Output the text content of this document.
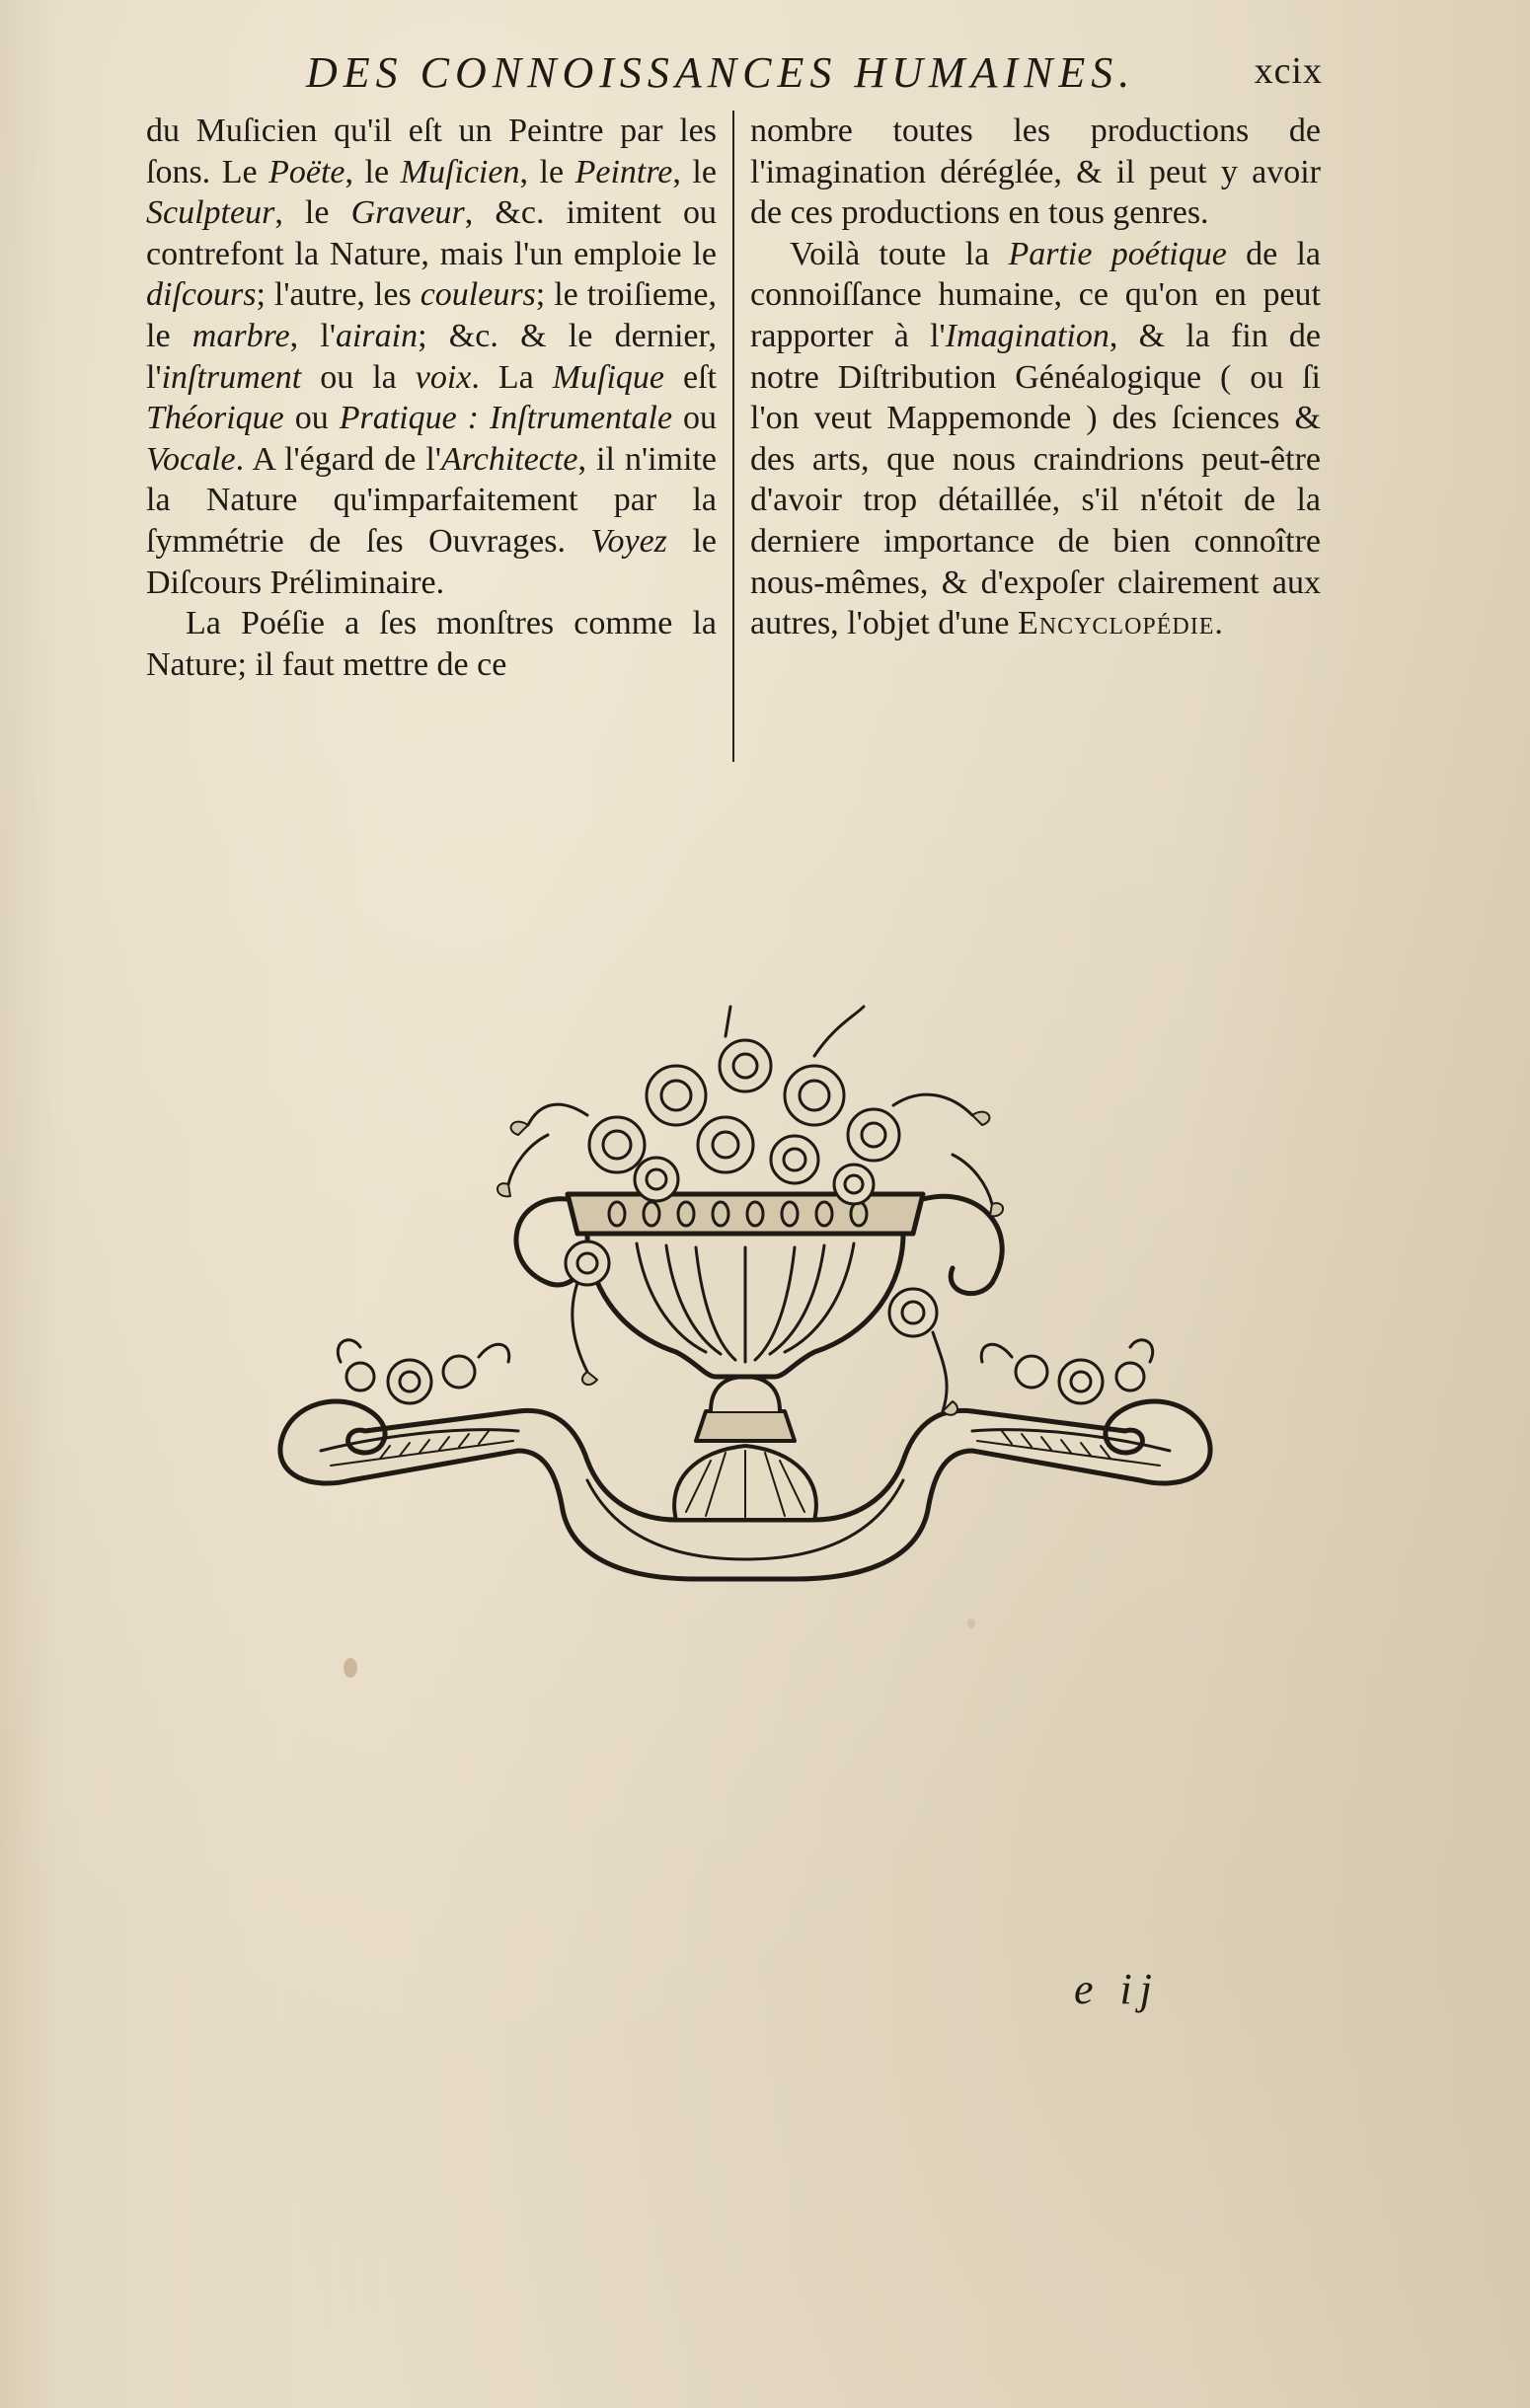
DES CONNOISSANCES HUMAINES.	xcix

du Muſicien qu'il eſt un Peintre par les ſons. Le Poëte, le Muſicien, le Peintre, le Sculpteur, le Graveur, &c. imitent ou contrefont la Nature, mais l'un emploie le diſcours; l'autre, les couleurs; le troiſieme, le marbre, l'airain; &c. & le dernier, l'inſtrument ou la voix. La Muſique eſt Théorique ou Pratique : Inſtrumentale ou Vocale. A l'égard de l'Architecte, il n'imite la Nature qu'imparfaitement par la ſymmétrie de ſes Ouvrages. Voyez le Diſcours Préliminaire.

La Poéſie a ſes monſtres comme la Nature; il faut mettre de ce

nombre toutes les productions de l'imagination déréglée, & il peut y avoir de ces productions en tous genres.

Voilà toute la Partie poétique de la connoiſſance humaine, ce qu'on en peut rapporter à l'Imagination, & la fin de notre Diſtribution Généalogique ( ou ſi l'on veut Mappemonde ) des ſciences & des arts, que nous craindrions peut-être d'avoir trop détaillée, s'il n'étoit de la derniere importance de bien connoître nous-mêmes, & d'expoſer clairement aux autres, l'objet d'une Encyclopédie.

e ij
